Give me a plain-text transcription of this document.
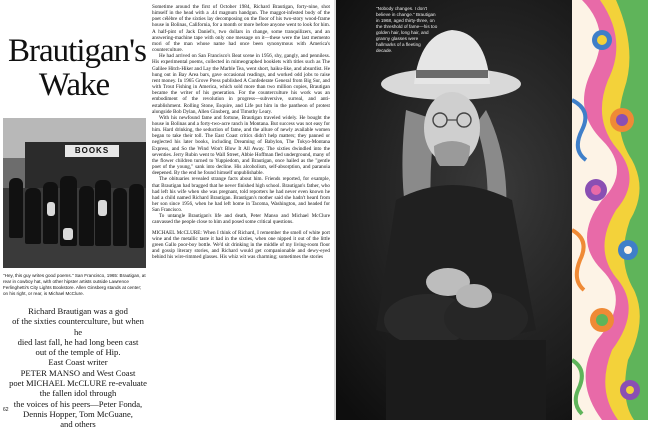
Brautigan's Wake
BOOKS

"Hey, this guy writes good poems." San Francisco, 1965: Brautigan, at rear in cowboy hat, with other hipster artists outside Lawrence Ferlinghetti's City Lights Bookstore. Allen Ginsberg stands at center; on his right, or rear, is Michael McClure.

Richard Brautigan was a god
of the sixties counterculture, but when he
died last fall, he had long been cast
out of the temple of Hip.
East Coast writer
PETER MANSO and West Coast
poet MICHAEL McCLURE re-evaluate
the fallen idol through
the voices of his peers—Peter Fonda,
Dennis Hopper, Tom McGuane,
and others
62

Sometime around the first of October 1984, Richard Brautigan, forty-nine, shot himself in the head with a .44 magnum handgun. The maggot-infested body of the poet célèbre of the sixties lay decomposing on the floor of his two-story wood-frame house in Bolinas, California, for a month or more before anyone went to look for him. A half-pint of Jack Daniel's, two dollars in change, some tranquilizers, and an answering-machine tape with only one message on it—these were the last memento mori of the man whose name had once been synonymous with America's counterculture.

He had arrived on San Francisco's Beat scene in 1956, shy, gangly, and penniless. His experimental poems, collected in mimeographed booklets with titles such as The Galilee Hitch-Hiker and Lay the Marble Tea, went short, haiku-like, and absurdist. He hung out in Bay Area bars, gave occasional readings, and worked odd jobs to raise rent money. In 1965 Grove Press published A Confederate General from Big Sur, and with Trout Fishing in America, which sold more than two million copies, Brautigan became the writer of his generation. For the counterculture his work was an embodiment of the revolution in progress—subversive, surreal, and anti-establishment. Rolling Stone, Esquire, and Life put him in the pantheon of protest alongside Bob Dylan, Allen Ginsberg, and Timothy Leary.

With his newfound fame and fortune, Brautigan traveled widely. He bought the house in Bolinas and a forty-two-acre ranch in Montana. But success was not easy for him. Hard drinking, the seduction of fame, and the allure of newly available women began to take their toll. The East Coast critics didn't help matters; they panned or neglected his later books, including Dreaming of Babylon, The Tokyo-Montana Express, and So the Wind Won't Blow It All Away. The sixties dwindled into the seventies. Jerry Rubin went to Wall Street, Abbie Hoffman fled underground, many of the flower children turned to Yuppiedom, and Brautigan, once hailed as the "gentle poet of the young," sank into decline. His alcoholism, self-absorption, and paranoia deepened. By the end he found himself unpublishable.

The obituaries revealed strange facts about him. Friends reported, for example, that Brautigan had bragged that he never finished high school. Brautigan's father, who had left his wife when she was pregnant, told reporters he had never even known he had a child named Richard Brautigan. Brautigan's mother said she hadn't heard from her son since 1956, when he had left home in Tacoma, Washington, and headed for San Francisco.

To untangle Brautigan's life and death, Peter Manso and Michael McClure canvassed the people close to him and posed some critical questions.

MICHAEL McCLURE: When I think of Richard, I remember the smell of white port wine and the metallic taste it had in the sixties, when one nipped it out of the little green Gallo poor-boy bottle. We'd sit drinking in the middle of my living-room floor and gossip literary stories, and Richard would get companionable and dewy-eyed behind his wire-rimmed glasses. His whiz wit was charming; sometimes the stories

"Nobody changes. I don't believe in change." Brautigan in 1968, aged thirty-three, on the threshold of fame—his too golden hair, long hair, and granny glasses were hallmarks of a fleeting decade.
